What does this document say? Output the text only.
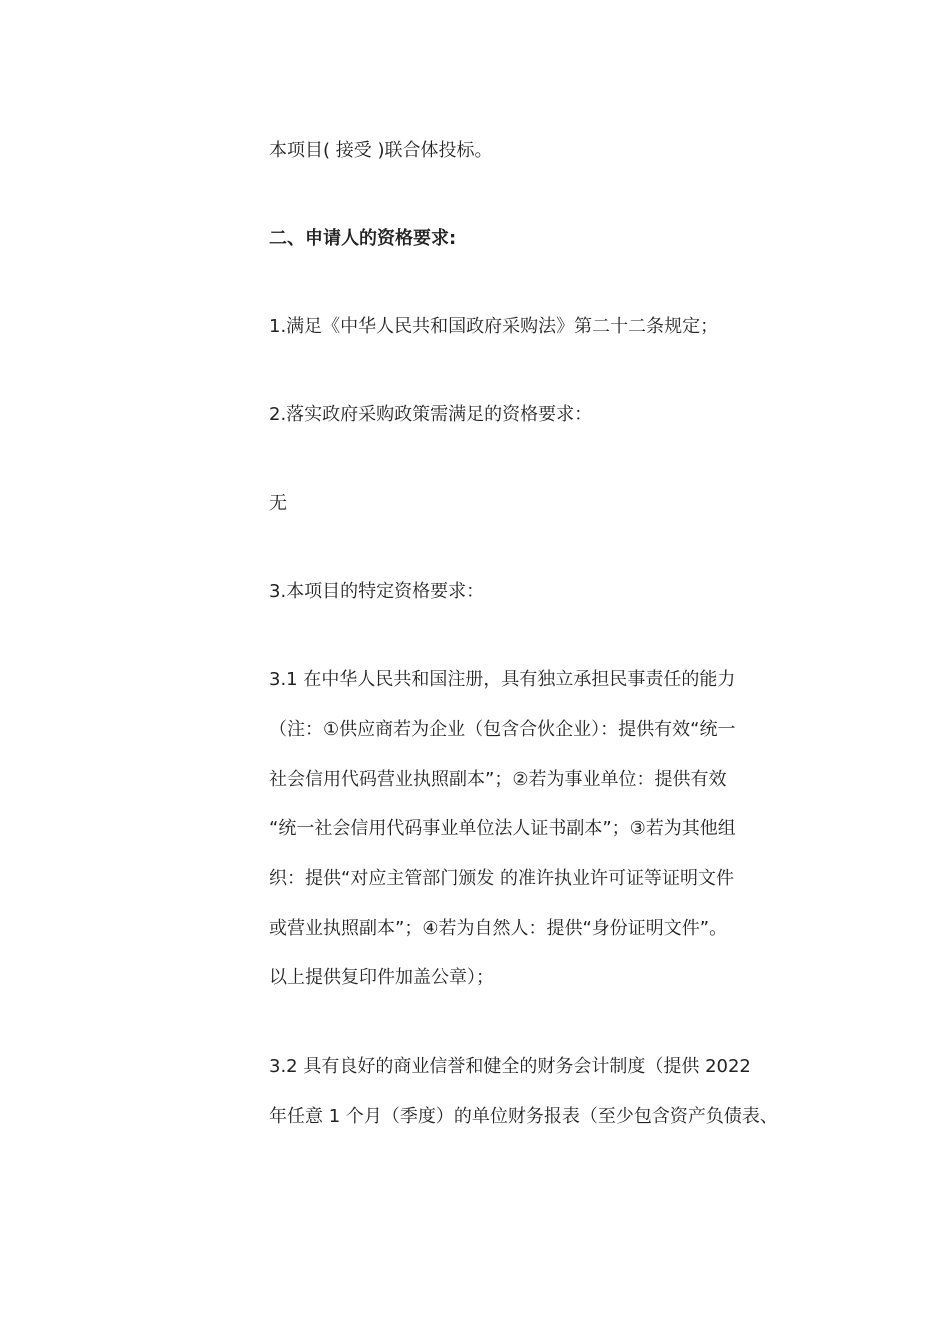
本项目( 接受 )联合体投标。
二、申请人的资格要求:
1.满足《中华人民共和国政府采购法》第二十二条规定；
2.落实政府采购政策需满足的资格要求：
无
3.本项目的特定资格要求：
3.1 在中华人民共和国注册，具有独立承担民事责任的能力
（注：①供应商若为企业（包含合伙企业）：提供有效“统一
社会信用代码营业执照副本”；②若为事业单位：提供有效
“统一社会信用代码事业单位法人证书副本”；③若为其他组
织：提供“对应主管部门颁发 的准许执业许可证等证明文件
或营业执照副本”；④若为自然人：提供“身份证明文件”。
以上提供复印件加盖公章）；
3.2 具有良好的商业信誉和健全的财务会计制度（提供 2022
年任意 1 个月（季度）的单位财务报表（至少包含资产负债表、
